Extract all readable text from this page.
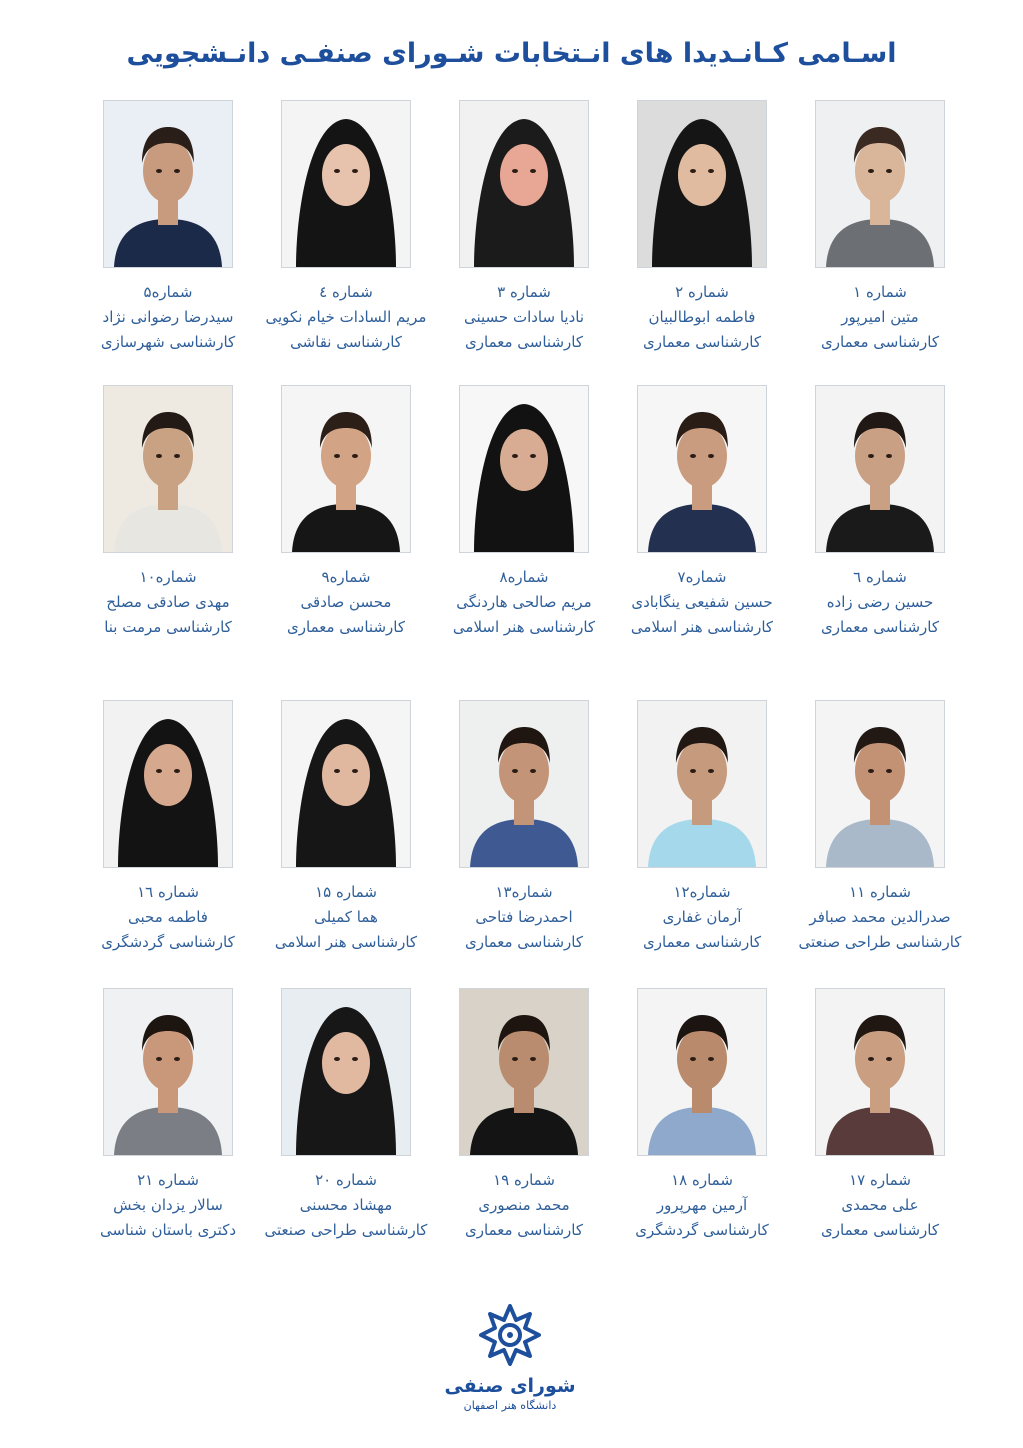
اسـامی کـانـدیدا های انـتخابات شـورای صنفـی دانـشجویی
شماره ۱
متین امیرپور
کارشناسی معماری
شماره ۲
فاطمه ابوطالبیان
کارشناسی معماری
شماره ۳
نادیا سادات حسینی
کارشناسی معماری
شماره ٤
مریم السادات خیام نکویی
کارشناسی نقاشی
شماره۵
سیدرضا رضوانی نژاد
کارشناسی شهرسازی
شماره ٦
حسین رضی زاده
کارشناسی معماری
شماره۷
حسین شفیعی ینگابادی
کارشناسی هنر اسلامی
شماره۸
مریم صالحی هاردنگی
کارشناسی هنر اسلامی
شماره۹
محسن صادقی
کارشناسی معماری
شماره۱۰
مهدی صادقی مصلح
کارشناسی مرمت بنا
شماره ۱۱
صدرالدین محمد صبافر
کارشناسی طراحی صنعتی
شماره۱۲
آرمان غفاری
کارشناسی معماری
شماره۱۳
احمدرضا فتاحی
کارشناسی معماری
شماره ۱۵
هما کمیلی
کارشناسی هنر اسلامی
شماره ۱٦
فاطمه محبی
کارشناسی گردشگری
شماره ۱۷
علی محمدی
کارشناسی معماری
شماره ۱۸
آرمین مهرپرور
کارشناسی گردشگری
شماره ۱۹
محمد منصوری
کارشناسی معماری
شماره ۲۰
مهشاد محسنی
کارشناسی طراحی صنعتی
شماره ۲۱
سالار یزدان بخش
دکتری باستان شناسی
شورای صنفی
دانشگاه هنر اصفهان
